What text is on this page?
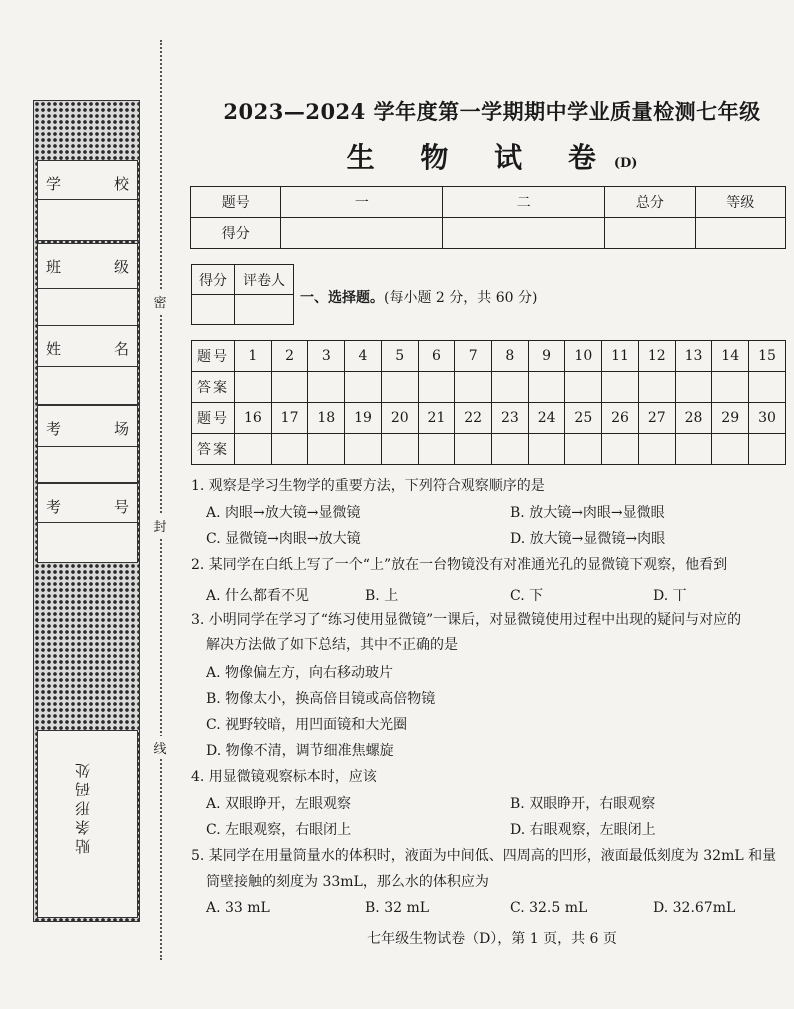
学	校
班	级
姓	名
考	场
考	号
贴条形码处
密
封
线
2023—2024 学年度第一学期期中学业质量检测七年级
生 物 试 卷(D)
题号	一	二	总分	等级
得分				
得分	评卷人

一、选择题。(每小题 2 分，共 60 分)
题号	1	2	3	4	5	6	7	8	9	10	11	12	13	14	15
答案															
题号	16	17	18	19	20	21	22	23	24	25	26	27	28	29	30
答案															
1. 观察是学习生物学的重要方法，下列符合观察顺序的是
A. 肉眼→放大镜→显微镜	B. 放大镜→肉眼→显微眼
C. 显微镜→肉眼→放大镜	D. 放大镜→显微镜→肉眼
2. 某同学在白纸上写了一个“上”放在一台物镜没有对准通光孔的显微镜下观察，他看到
A. 什么都看不见	B. 上	C. 下	D. 丅
3. 小明同学在学习了“练习使用显微镜”一课后，对显微镜使用过程中出现的疑问与对应的
解决方法做了如下总结，其中不正确的是
A. 物像偏左方，向右移动玻片
B. 物像太小，换高倍目镜或高倍物镜
C. 视野较暗，用凹面镜和大光圈
D. 物像不清，调节细准焦螺旋
4. 用显微镜观察标本时，应该
A. 双眼睁开，左眼观察	B. 双眼睁开，右眼观察
C. 左眼观察，右眼闭上	D. 右眼观察，左眼闭上
5. 某同学在用量筒量水的体积时，液面为中间低、四周高的凹形，液面最低刻度为 32mL 和量
筒壁接触的刻度为 33mL，那么水的体积应为
A. 33 mL	B. 32 mL	C. 32.5 mL	D. 32.67mL
七年级生物试卷（D），第 1 页，共 6 页
